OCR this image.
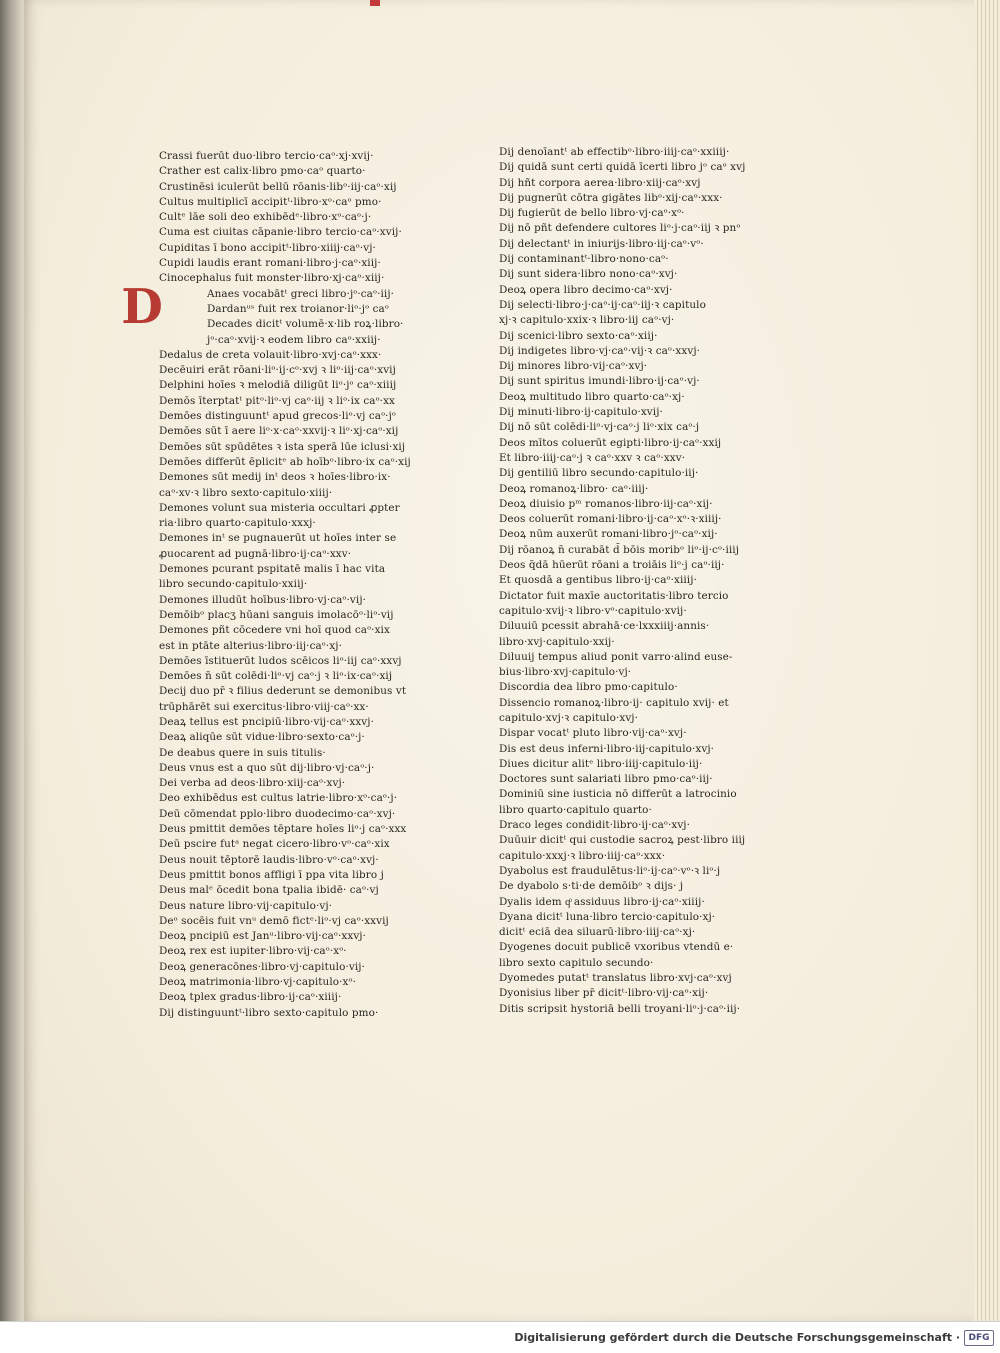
D
Crassi fuerūt duo·libro tercio·caᵒ·xj·xvij·
Crather est calix·libro pmo·caᵒ quarto·
Crustinēsi iculerūt bellū rōanis·libᵒ·iij·caᵒ·xij
Cultus multiplicī accipitᵗ·libro·xᵒ·caᵒ pmo·
Cultᵉ lāe soli deo exhibēdᵉ·libro·xᵒ·caᵒ·j·
Cuma est ciuitas cāpanie·libro tercio·caᵒ·xvij·
Cupiditas ī bono accipitᵗ·libro·xiiij·caᵒ·vj·
Cupidi laudis erant romani·libro·j·caᵒ·xiij·
Cinocephalus fuit monster·libro·xj·caᵒ·xiij·
Anaes vocabātᵗ greci libro·jᵒ·caᵒ·iij·
Dardanᵘˢ fuit rex troianor·liᵒ·jᵒ caᵒ
Decades dicitᵗ volumē·x·lib roꝝ·libro·
jᵒ·caᵒ·xvij·ꝛ eodem libro caᵒ·xxiij·
Dedalus de creta volauit·libro·xvj·caᵒ·xxx·
Decēuiri erāt rōani·liᵒ·ij·cᵒ·xvj ꝛ liᵒ·iij·caᵒ·xvij
Delphini hoīes ꝛ melodiā diligūt liᵒ·jᵒ caᵒ·xiiij
Demōs īterptatᵗ pitᵒ·liᵒ·vj caᵒ·iij ꝛ liᵒ·ix caᵒ·xx
Demōes distinguuntᵗ apud grecos·liᵒ·vj caᵒ·jᵒ
Demōes sūt ī aere liᵒ·x·caᵒ·xxvij·ꝛ liᵒ·xj·caᵒ·xij
Demōes sūt spūdētes ꝛ ista sperā lūe iclusi·xij
Demōes differūt ēplicitᵉ ab hoībᵒ·libro·ix caᵒ·xij
Demones sūt medij inᵗ deos ꝛ hoīes·libro·ix·
caᵒ·xv·ꝛ libro sexto·capitulo·xiiij·
Demones volunt sua misteria occultari ꝓpter
ria·libro quarto·capitulo·xxxj·
Demones inᵗ se pugnauerūt ut hoīes inter se
ꝓuocarent ad pugnā·libro·ij·caᵒ·xxv·
Demones pcurant pspitatē malis ī hac vita
libro secundo·capitulo·xxiij·
Demones illudūt hoībus·libro·vj·caᵒ·vij·
Demōibᵒ placʒ hūani sanguis imolacōᵒ·liᵒ·vij
Demones pñt cōcedere vni hoī quod caᵒ·xix
est in ptāte alterius·libro·iij·caᵒ·xj·
Demōes īstituerūt ludos scēicos liᵒ·iij caᵒ·xxvj
Demōes n̄ sūt colēdi·liᵒ·vj caᵒ·j ꝛ liᵒ·ix·caᵒ·xij
Decij duo pr̄ ꝛ filius dederunt se demonibus vt
trūphārēt sui exercitus·libro·viij·caᵒ·xx·
Deaꝝ tellus est pncipiū·libro·vij·caᵒ·xxvj·
Deaꝝ aliqūe sūt vidue·libro·sexto·caᵒ·j·
De deabus quere in suis titulis·
Deus vnus est a quo sūt dij·libro·vj·caᵒ·j·
Dei verba ad deos·libro·xiij·caᵒ·xvj·
Deo exhibēdus est cultus latrie·libro·xᵒ·caᵒ·j·
Deū cōmendat pplo·libro duodecimo·caᵒ·xvj·
Deus pmittit demōes tēptare hoīes liᵒ·j caᵒ·xxx
Deū pscire futᵃ negat cicero·libro·vᵒ·caᵒ·xix
Deus nouit tēptorē laudis·libro·vᵒ·caᵒ·xvj·
Deus pmittit bonos affligi ī ppa vita libro j
Deus malᵉ ōcedit bona tpalia ibidē· caᵒ·vj
Deus nature libro·vij·capitulo·vj·
Deᵒ socēis fuit vnᵘ demō fictᵉ·liᵒ·vj caᵒ·xxvij
Deoꝝ pncipiū est Janᵘ·libro·vij·caᵒ·xxvj·
Deoꝝ rex est iupiter·libro·vij·caᵒ·xᵒ·
Deoꝝ generacōnes·libro·vj·capitulo·vij·
Deoꝝ matrimonia·libro·vj·capitulo·xᵒ·
Deoꝝ tplex gradus·libro·ij·caᵒ·xiiij·
Dij distinguuntᵗ·libro sexto·capitulo pmo·
Dij denoīantᵗ ab effectibᵒ·libro·iiij·caᵒ·xxiiij·
Dij quidā sunt certi quidā īcerti libro jᵒ caᵒ xvj
Dij hñt corpora aerea·libro·xiij·caᵒ·xvj
Dij pugnerūt cōtra gigātes libᵒ·xij·caᵒ·xxx·
Dij fugierūt de bello libro·vj·caᵒ·xᵒ·
Dij nō pñt defendere cultores liᵒ·j·caᵒ·iij ꝛ pnᵒ
Dij delectantᵗ in iniurijs·libro·iij·caᵒ·vᵒ·
Dij contaminantᵗ·libro·nono·caᵒ·
Dij sunt sidera·libro nono·caᵒ·xvj·
Deoꝝ opera libro decimo·caᵒ·xvj·
Dij selecti·libro·j·caᵒ·ij·caᵒ·iij·ꝛ capitulo
xj·ꝛ capitulo·xxix·ꝛ libro·iij caᵒ·vj·
Dij scenici·libro sexto·caᵒ·xiij·
Dij indigetes libro·vj·caᵒ·vij·ꝛ caᵒ·xxvj·
Dij minores libro·vij·caᵒ·xvj·
Dij sunt spiritus imundi·libro·ij·caᵒ·vj·
Deoꝝ multitudo libro quarto·caᵒ·xj·
Dij minuti·libro·ij·capitulo·xvij·
Dij nō sūt colēdi·liᵒ·vj·caᵒ·j liᵒ·xix caᵒ·j
Deos mītos coluerūt egipti·libro·ij·caᵒ·xxij
Et libro·iiij·caᵒ·j ꝛ caᵒ·xxv ꝛ caᵒ·xxv·
Dij gentiliū libro secundo·capitulo·iij·
Deoꝝ romanoꝝ·libro· caᵒ·iiij·
Deoꝝ diuisio pᵐ romanos·libro·iij·caᵒ·xij·
Deos coluerūt romani·libro·ij·caᵒ·xᵒ·ꝛ·xiiij·
Deoꝝ nūm auxerūt romani·libro·jᵒ·caᵒ·xij·
Dij rōanoꝝ n̄ curabāt d̄ bōis moribᵒ liᵒ·ij·cᵒ·iiij
Deos q̄dā hūerūt rōani a troiāis liᵒ·j caᵒ·iij·
Et quosdā a gentibus libro·ij·caᵒ·xiiij·
Dictator fuit maxīe auctoritatis·libro tercio
capitulo·xvij·ꝛ libro·vᵒ·capitulo·xvij·
Diluuiū pcessit abrahā·ce·lxxxiiij·annis·
libro·xvj·capitulo·xxij·
Diluuij tempus aliud ponit varro·alind euse-
bius·libro·xvj·capitulo·vj·
Discordia dea libro pmo·capitulo·
Dissencio romanoꝝ·libro·ij· capitulo xvij· et
capitulo·xvj·ꝛ capitulo·xvj·
Dispar vocatᵗ pluto libro·vij·caᵒ·xvj·
Dis est deus inferni·libro·iij·capitulo·xvj·
Diues dicitur alitᵉ libro·iiij·capitulo·iij·
Doctores sunt salariati libro pmo·caᵒ·iij·
Dominiū sine iusticia nō differūt a latrocinio
libro quarto·capitulo quarto·
Draco leges condidit·libro·ij·caᵒ·xvj·
Duūuir dicitᵗ qui custodie sacroꝝ pest·libro iiij
capitulo·xxxj·ꝛ libro·iiij·caᵒ·xxx·
Dyabolus est fraudulētus·liᵒ·ij·caᵒ·vᵒ·ꝛ liᵒ·j
De dyabolo s·ti·de demōibᵒ ꝛ dijs· j
Dyalis idem qͦ assiduus libro·ij·caᵒ·xiiij·
Dyana dicitᵗ luna·libro tercio·capitulo·xj·
dicitᵗ eciā dea siluarū·libro·iiij·caᵒ·xj·
Dyogenes docuit publicē vxoribus vtendū e·
libro sexto capitulo secundo·
Dyomedes putatᵗ translatus libro·xvj·caᵒ·xvj
Dyonisius liber pr̄ dicitᵗ·libro·vij·caᵒ·xij·
Ditis scripsit hystoriā belli troyani·liᵒ·j·caᵒ·iij·
Digitalisierung gefördert durch die Deutsche Forschungsgemeinschaft · DFG
